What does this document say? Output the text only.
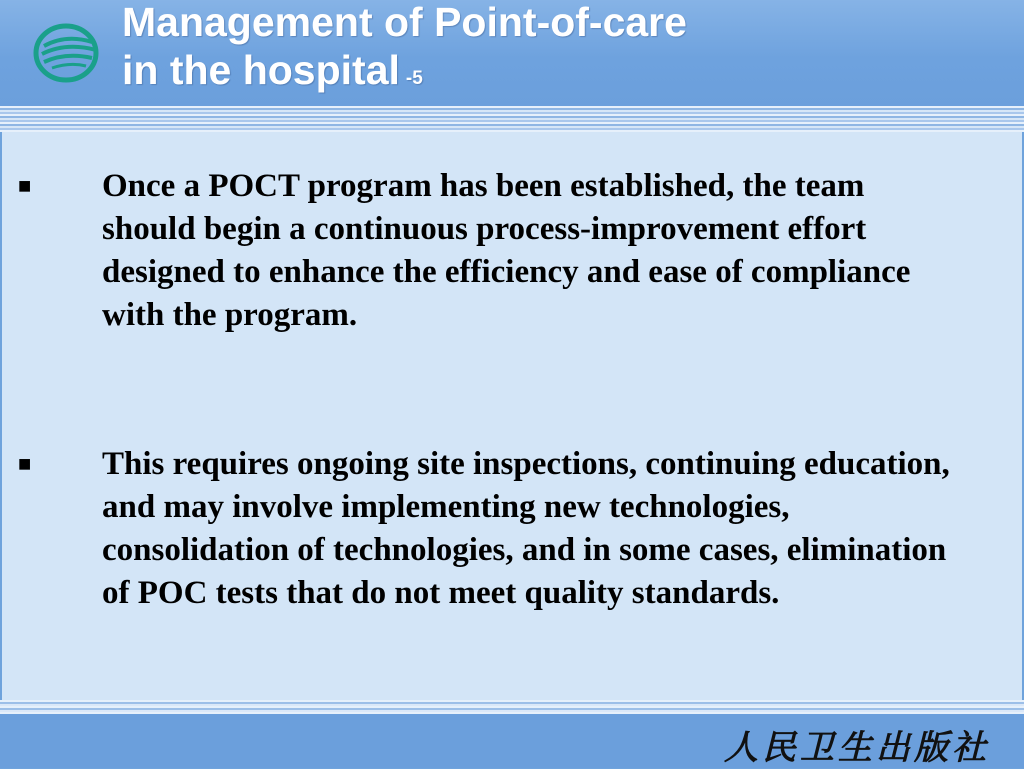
Management of Point-of-care
in the hospital -5
■ Once a POCT program has been established, the team should begin a continuous process-improvement effort designed to enhance the efficiency and ease of compliance with the program.
■ This requires ongoing site inspections, continuing education, and may involve implementing new technologies, consolidation of technologies, and in some cases, elimination of POC tests that do not meet quality standards.
人民卫生出版社
